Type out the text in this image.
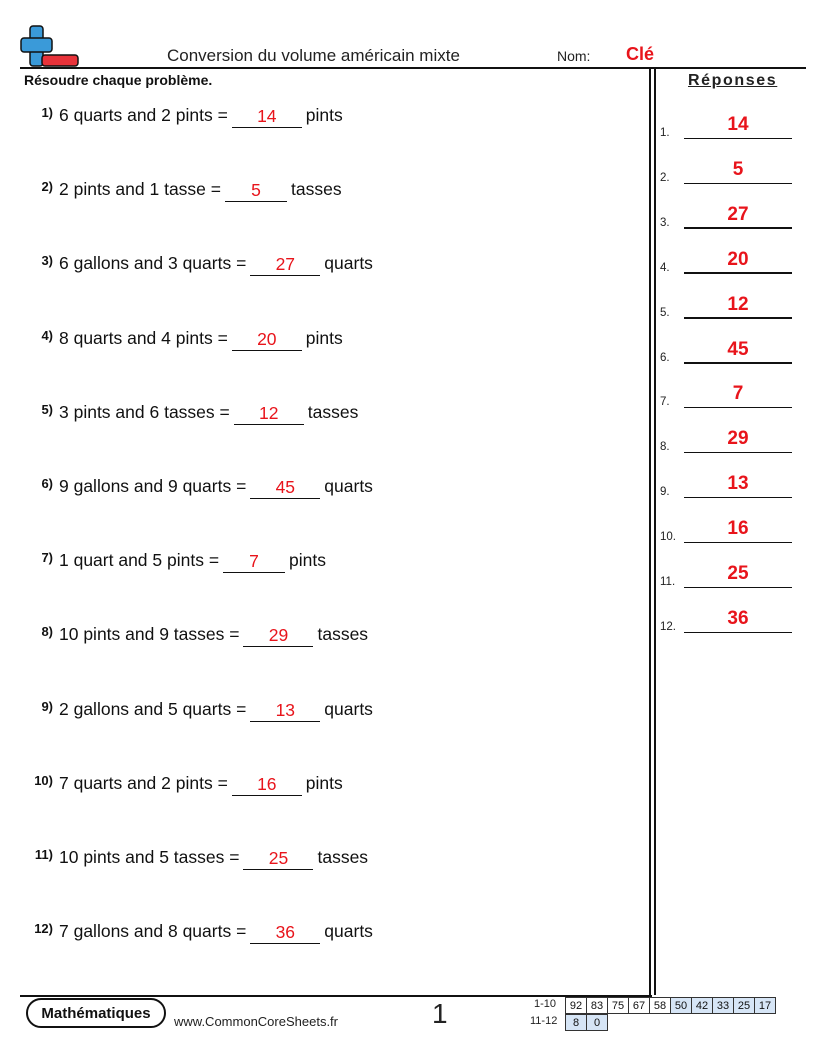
Conversion du volume américain mixte	Nom: Clé
Résoudre chaque problème.
1) 6 quarts and 2 pints =	14	pints
2) 2 pints and 1 tasse =	5	tasses
3) 6 gallons and 3 quarts =	27	quarts
4) 8 quarts and 4 pints =	20	pints
5) 3 pints and 6 tasses =	12	tasses
6) 9 gallons and 9 quarts =	45	quarts
7) 1 quart and 5 pints =	7	pints
8) 10 pints and 9 tasses =	29	tasses
9) 2 gallons and 5 quarts =	13	quarts
10) 7 quarts and 2 pints =	16	pints
11) 10 pints and 5 tasses =	25	tasses
12) 7 gallons and 8 quarts =	36	quarts
Réponses
1.	14
2.	5
3.	27
4.	20
5.	12
6.	45
7.	7
8.	29
9.	13
10.	16
11.	25
12.	36
Mathématiques	www.CommonCoreSheets.fr	1	1-10 92	83	75	67	58	50	42	33	25	17
11-12 8	0
